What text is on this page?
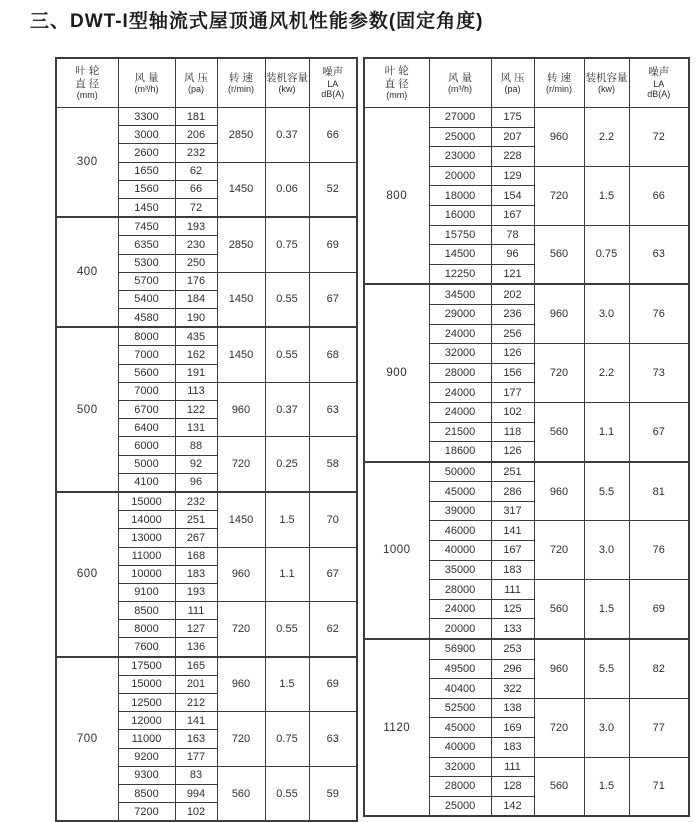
三、DWT-I型轴流式屋顶通风机性能参数(固定角度)
叶 轮
直 径
(mm)

风 量
(m³/h)

风 压
(pa)

转 速
(r/min)

装机容量
(kw)

噪声
LA
dB(A)

300	3300	181	2850	0.37	66
	3000	206			
	2600	232			
	1650	62	1450	0.06	52
	1560	66			
	1450	72			
400	7450	193	2850	0.75	69
	6350	230			
	5300	250			
	5700	176	1450	0.55	67
	5400	184			
	4580	190			
500	8000	435	1450	0.55	68
	7000	162			
	5600	191			
	7000	113	960	0.37	63
	6700	122			
	6400	131			
	6000	88	720	0.25	58
	5000	92			
	4100	96			
600	15000	232	1450	1.5	70
	14000	251			
	13000	267			
	11000	168	960	1.1	67
	10000	183			
	9100	193			
	8500	111	720	0.55	62
	8000	127			
	7600	136			
700	17500	165	960	1.5	69
	15000	201			
	12500	212			
	12000	141	720	0.75	63
	11000	163			
	9200	177			
	9300	83	560	0.55	59
	8500	994			
	7200	102			
叶 轮
直 径
(mm)

风 量
(m³/h)

风 压
(pa)

转 速
(r/min)

装机容量
(kw)

噪声
LA
dB(A)

800	27000	175	960	2.2	72
	25000	207			
	23000	228			
	20000	129	720	1.5	66
	18000	154			
	16000	167			
	15750	78	560	0.75	63
	14500	96			
	12250	121			
900	34500	202	960	3.0	76
	29000	236			
	24000	256			
	32000	126	720	2.2	73
	28000	156			
	24000	177			
	24000	102	560	1.1	67
	21500	118			
	18600	126			
1000	50000	251	960	5.5	81
	45000	286			
	39000	317			
	46000	141	720	3.0	76
	40000	167			
	35000	183			
	28000	111	560	1.5	69
	24000	125			
	20000	133			
1120	56900	253	960	5.5	82
	49500	296			
	40400	322			
	52500	138	720	3.0	77
	45000	169			
	40000	183			
	32000	111	560	1.5	71
	28000	128			
	25000	142			
